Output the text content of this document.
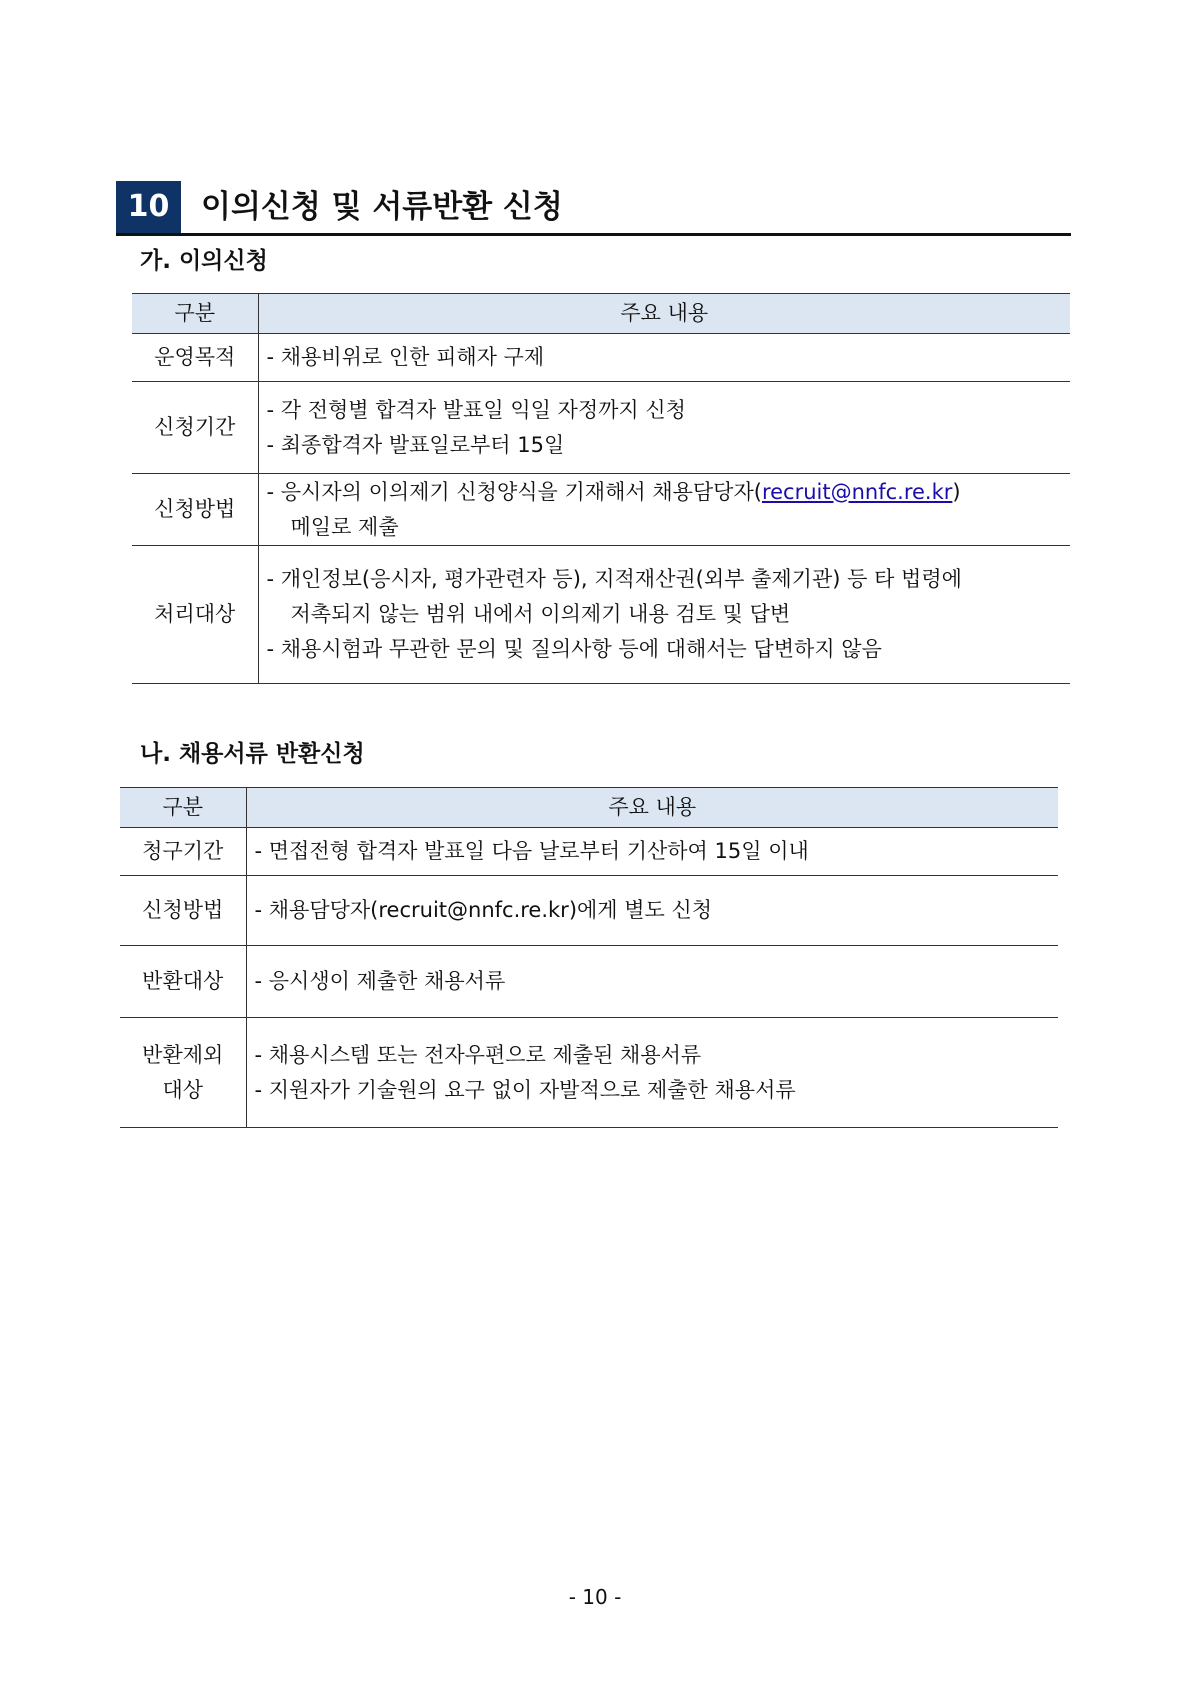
10	이의신청 및 서류반환 신청
가. 이의신청
구분	주요 내용
운영목적	- 채용비위로 인한 피해자 구제

신청기간	- 각 전형별 합격자 발표일 익일 자정까지 신청
- 최종합격자 발표일로부터 15일

신청방법	- 응시자의 이의제기 신청양식을 기재해서 채용담당자(recruit@nnfc.re.kr)
메일로 제출

처리대상	- 개인정보(응시자, 평가관련자 등), 지적재산권(외부 출제기관) 등 타 법령에
저촉되지 않는 범위 내에서 이의제기 내용 검토 및 답변
- 채용시험과 무관한 문의 및 질의사항 등에 대해서는 답변하지 않음
나. 채용서류 반환신청
구분	주요 내용
청구기간	- 면접전형 합격자 발표일 다음 날로부터 기산하여 15일 이내

신청방법	- 채용담당자(recruit@nnfc.re.kr)에게 별도 신청

반환대상	- 응시생이 제출한 채용서류

반환제외
대상	- 채용시스템 또는 전자우편으로 제출된 채용서류
- 지원자가 기술원의 요구 없이 자발적으로 제출한 채용서류
- 10 -
